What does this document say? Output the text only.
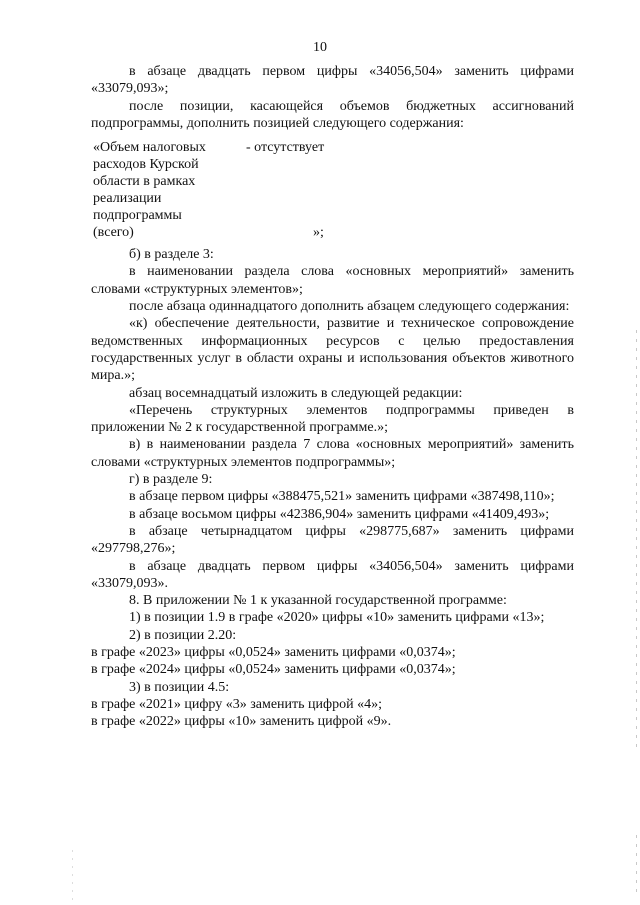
10

в абзаце двадцать первом цифры «34056,504» заменить цифрами «33079,093»;

после позиции, касающейся объемов бюджетных ассигнований подпрограммы, дополнить позицией следующего содержания:

«Объем налоговых
расходов Курской
области в рамках
реализации
подпрограммы
(всего)
- отсутствует
»;

б) в разделе 3:

в наименовании раздела слова «основных мероприятий» заменить словами «структурных элементов»;

после абзаца одиннадцатого дополнить абзацем следующего содержания:

«к) обеспечение деятельности, развитие и техническое сопровождение ведомственных информационных ресурсов с целью предоставления государственных услуг в области охраны и использования объектов животного мира.»;

абзац восемнадцатый изложить в следующей редакции:

«Перечень структурных элементов подпрограммы приведен в приложении № 2 к государственной программе.»;

в) в наименовании раздела 7 слова «основных мероприятий» заменить словами «структурных элементов подпрограммы»;

г) в разделе 9:

в абзаце первом цифры «388475,521» заменить цифрами «387498,110»;

в абзаце восьмом цифры «42386,904» заменить цифрами «41409,493»;

в абзаце четырнадцатом цифры «298775,687» заменить цифрами «297798,276»;

в абзаце двадцать первом цифры «34056,504» заменить цифрами «33079,093».

8. В приложении № 1 к указанной государственной программе:

1) в позиции 1.9 в графе «2020» цифры «10» заменить цифрами «13»;

2) в позиции 2.20:

в графе «2023» цифры «0,0524» заменить цифрами «0,0374»;

в графе «2024» цифры «0,0524» заменить цифрами «0,0374»;

3) в позиции 4.5:

в графе «2021» цифру «3» заменить цифрой «4»;

в графе «2022» цифры «10» заменить цифрой «9».
